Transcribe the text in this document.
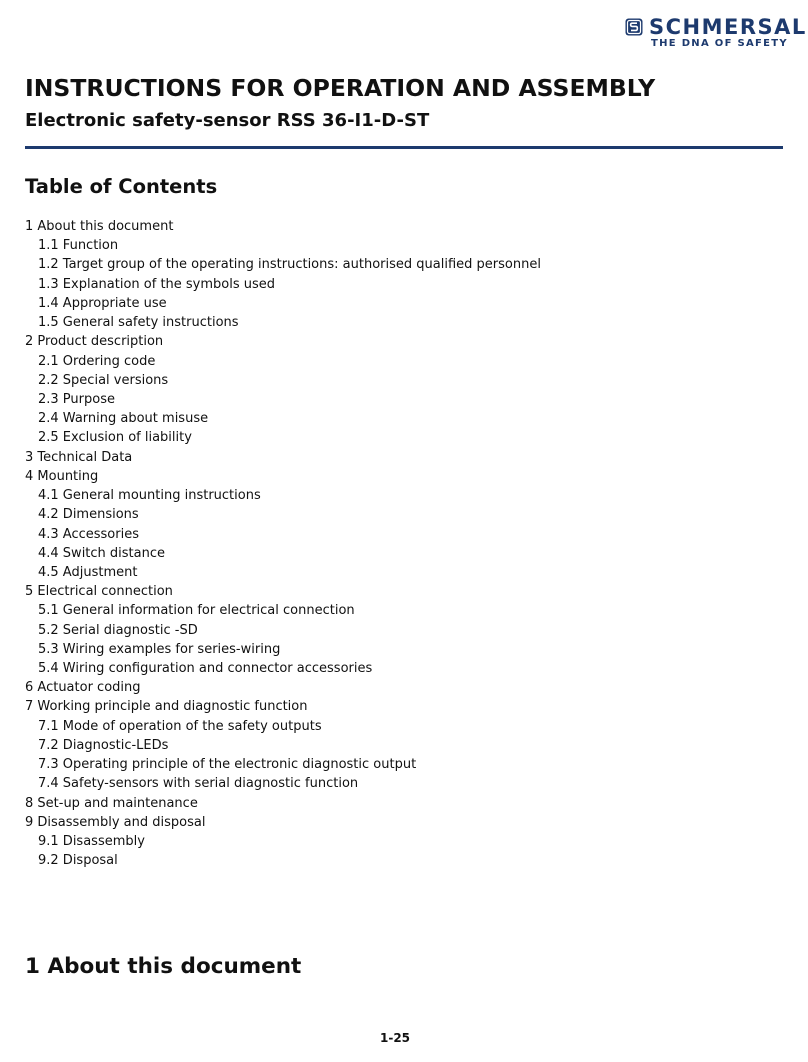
SCHMERSAL
THE DNA OF SAFETY
INSTRUCTIONS FOR OPERATION AND ASSEMBLY
Electronic safety-sensor RSS 36-I1-D-ST
Table of Contents
1 About this document
1.1 Function
1.2 Target group of the operating instructions: authorised qualified personnel
1.3 Explanation of the symbols used
1.4 Appropriate use
1.5 General safety instructions
2 Product description
2.1 Ordering code
2.2 Special versions
2.3 Purpose
2.4 Warning about misuse
2.5 Exclusion of liability
3 Technical Data
4 Mounting
4.1 General mounting instructions
4.2 Dimensions
4.3 Accessories
4.4 Switch distance
4.5 Adjustment
5 Electrical connection
5.1 General information for electrical connection
5.2 Serial diagnostic -SD
5.3 Wiring examples for series-wiring
5.4 Wiring configuration and connector accessories
6 Actuator coding
7 Working principle and diagnostic function
7.1 Mode of operation of the safety outputs
7.2 Diagnostic-LEDs
7.3 Operating principle of the electronic diagnostic output
7.4 Safety-sensors with serial diagnostic function
8 Set-up and maintenance
9 Disassembly and disposal
9.1 Disassembly
9.2 Disposal
1 About this document
1-25
